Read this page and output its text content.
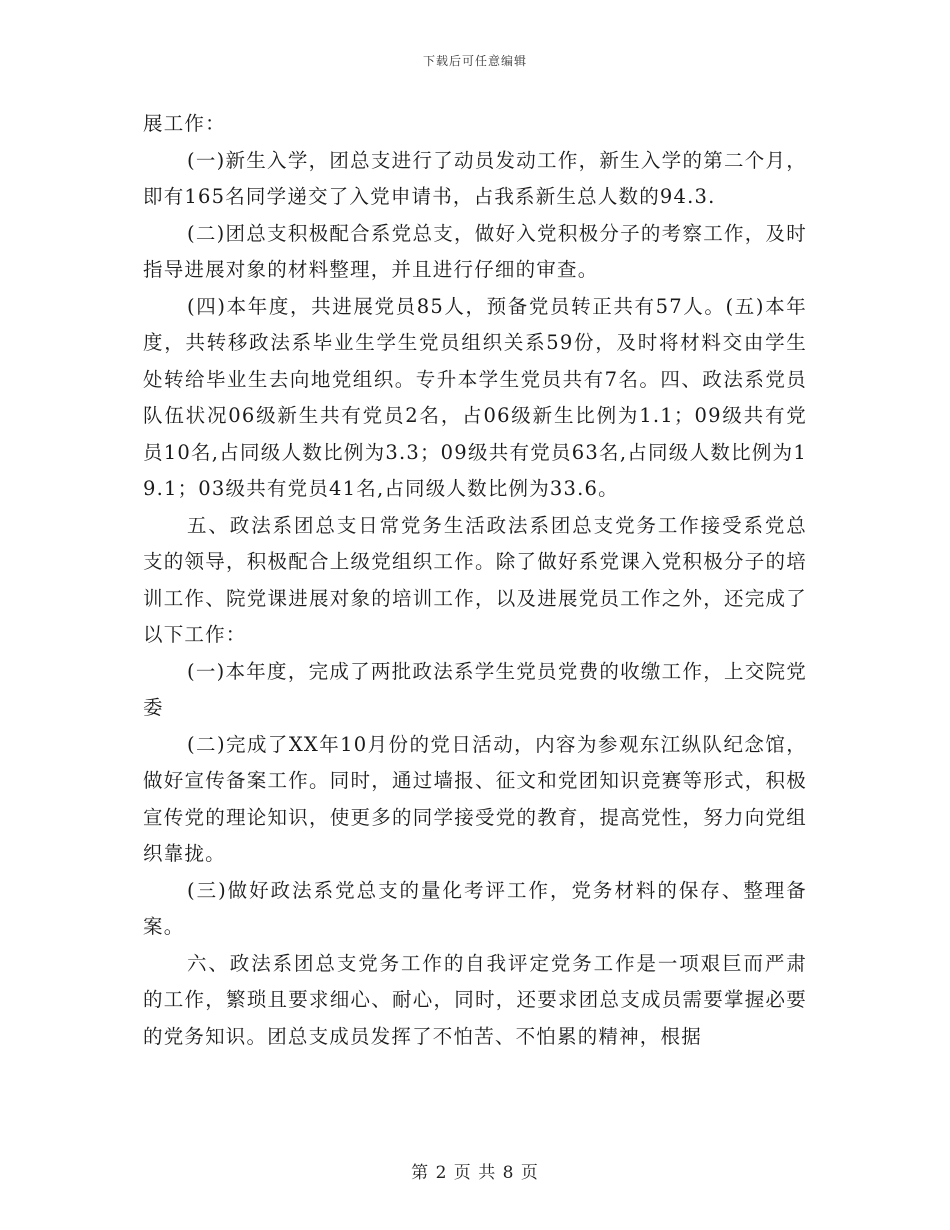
下载后可任意编辑

展工作：

(一)新生入学，团总支进行了动员发动工作，新生入学的第二个月，即有165名同学递交了入党申请书，占我系新生总人数的94.3.

(二)团总支积极配合系党总支，做好入党积极分子的考察工作，及时指导进展对象的材料整理，并且进行仔细的审查。

(四)本年度，共进展党员85人，预备党员转正共有57人。(五)本年度，共转移政法系毕业生学生党员组织关系59份，及时将材料交由学生处转给毕业生去向地党组织。专升本学生党员共有7名。四、政法系党员队伍状况06级新生共有党员2名，占06级新生比例为1.1；09级共有党员10名,占同级人数比例为3.3；09级共有党员63名,占同级人数比例为19.1；03级共有党员41名,占同级人数比例为33.6。

五、政法系团总支日常党务生活政法系团总支党务工作接受系党总支的领导，积极配合上级党组织工作。除了做好系党课入党积极分子的培训工作、院党课进展对象的培训工作，以及进展党员工作之外，还完成了以下工作：

(一)本年度，完成了两批政法系学生党员党费的收缴工作，上交院党委

(二)完成了XX年10月份的党日活动，内容为参观东江纵队纪念馆，做好宣传备案工作。同时，通过墙报、征文和党团知识竞赛等形式，积极宣传党的理论知识，使更多的同学接受党的教育，提高党性，努力向党组织靠拢。

(三)做好政法系党总支的量化考评工作，党务材料的保存、整理备案。

六、政法系团总支党务工作的自我评定党务工作是一项艰巨而严肃的工作，繁琐且要求细心、耐心，同时，还要求团总支成员需要掌握必要的党务知识。团总支成员发挥了不怕苦、不怕累的精神，根据

第 2 页 共 8 页
